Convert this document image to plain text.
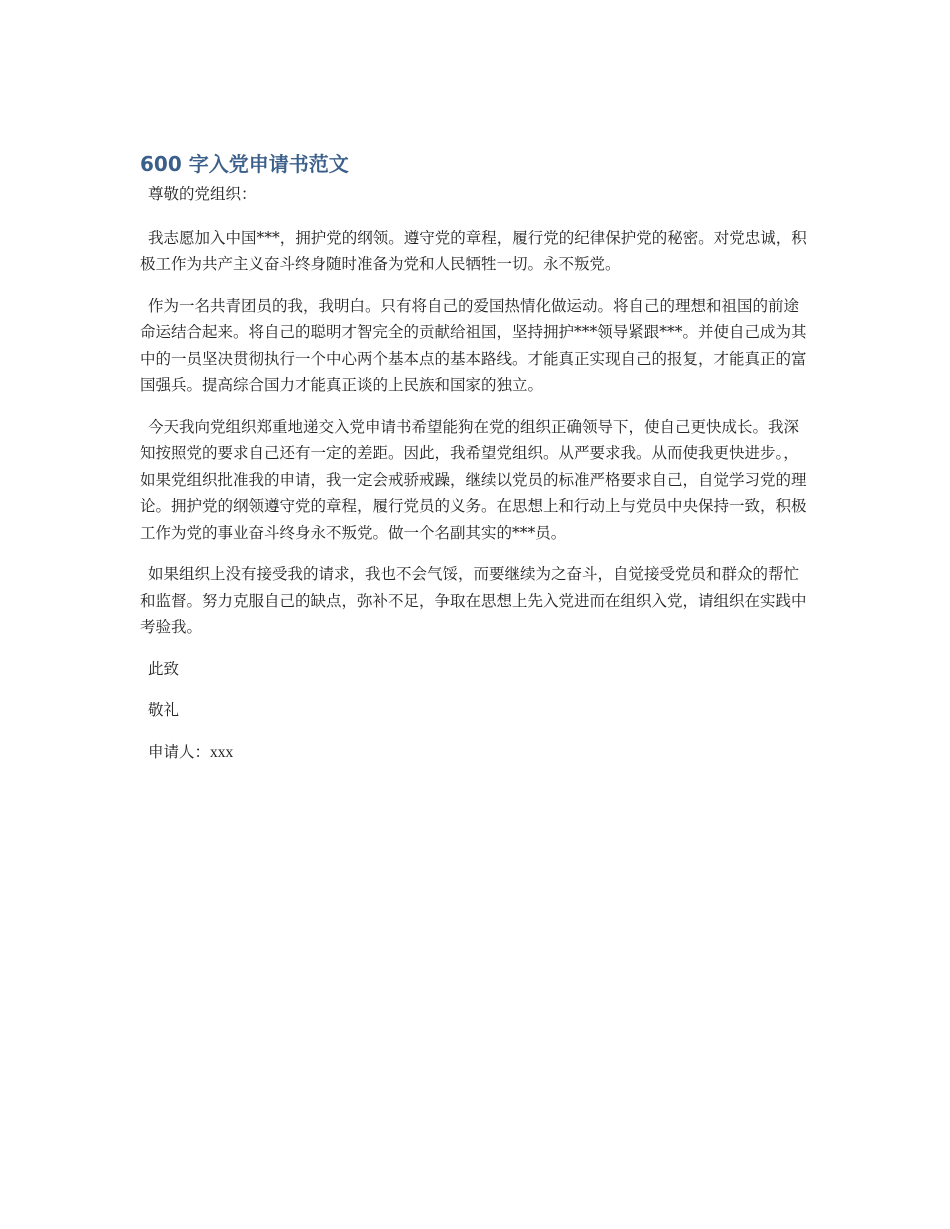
600 字入党申请书范文

尊敬的党组织：

我志愿加入中国***，拥护党的纲领。遵守党的章程，履行党的纪律保护党的秘密。对党忠诚，积极工作为共产主义奋斗终身随时准备为党和人民牺牲一切。永不叛党。

作为一名共青团员的我，我明白。只有将自己的爱国热情化做运动。将自己的理想和祖国的前途命运结合起来。将自己的聪明才智完全的贡献给祖国，坚持拥护***领导紧跟***。并使自己成为其中的一员坚决贯彻执行一个中心两个基本点的基本路线。才能真正实现自己的报复，才能真正的富国强兵。提高综合国力才能真正谈的上民族和国家的独立。

今天我向党组织郑重地递交入党申请书希望能狗在党的组织正确领导下，使自己更快成长。我深知按照党的要求自己还有一定的差距。因此，我希望党组织。从严要求我。从而使我更快进步。，如果党组织批准我的申请，我一定会戒骄戒躁，继续以党员的标准严格要求自己，自觉学习党的理论。拥护党的纲领遵守党的章程，履行党员的义务。在思想上和行动上与党员中央保持一致，积极工作为党的事业奋斗终身永不叛党。做一个名副其实的***员。

如果组织上没有接受我的请求，我也不会气馁，而要继续为之奋斗，自觉接受党员和群众的帮忙和监督。努力克服自己的缺点，弥补不足，争取在思想上先入党进而在组织入党，请组织在实践中考验我。

此致

敬礼

申请人：xxx
